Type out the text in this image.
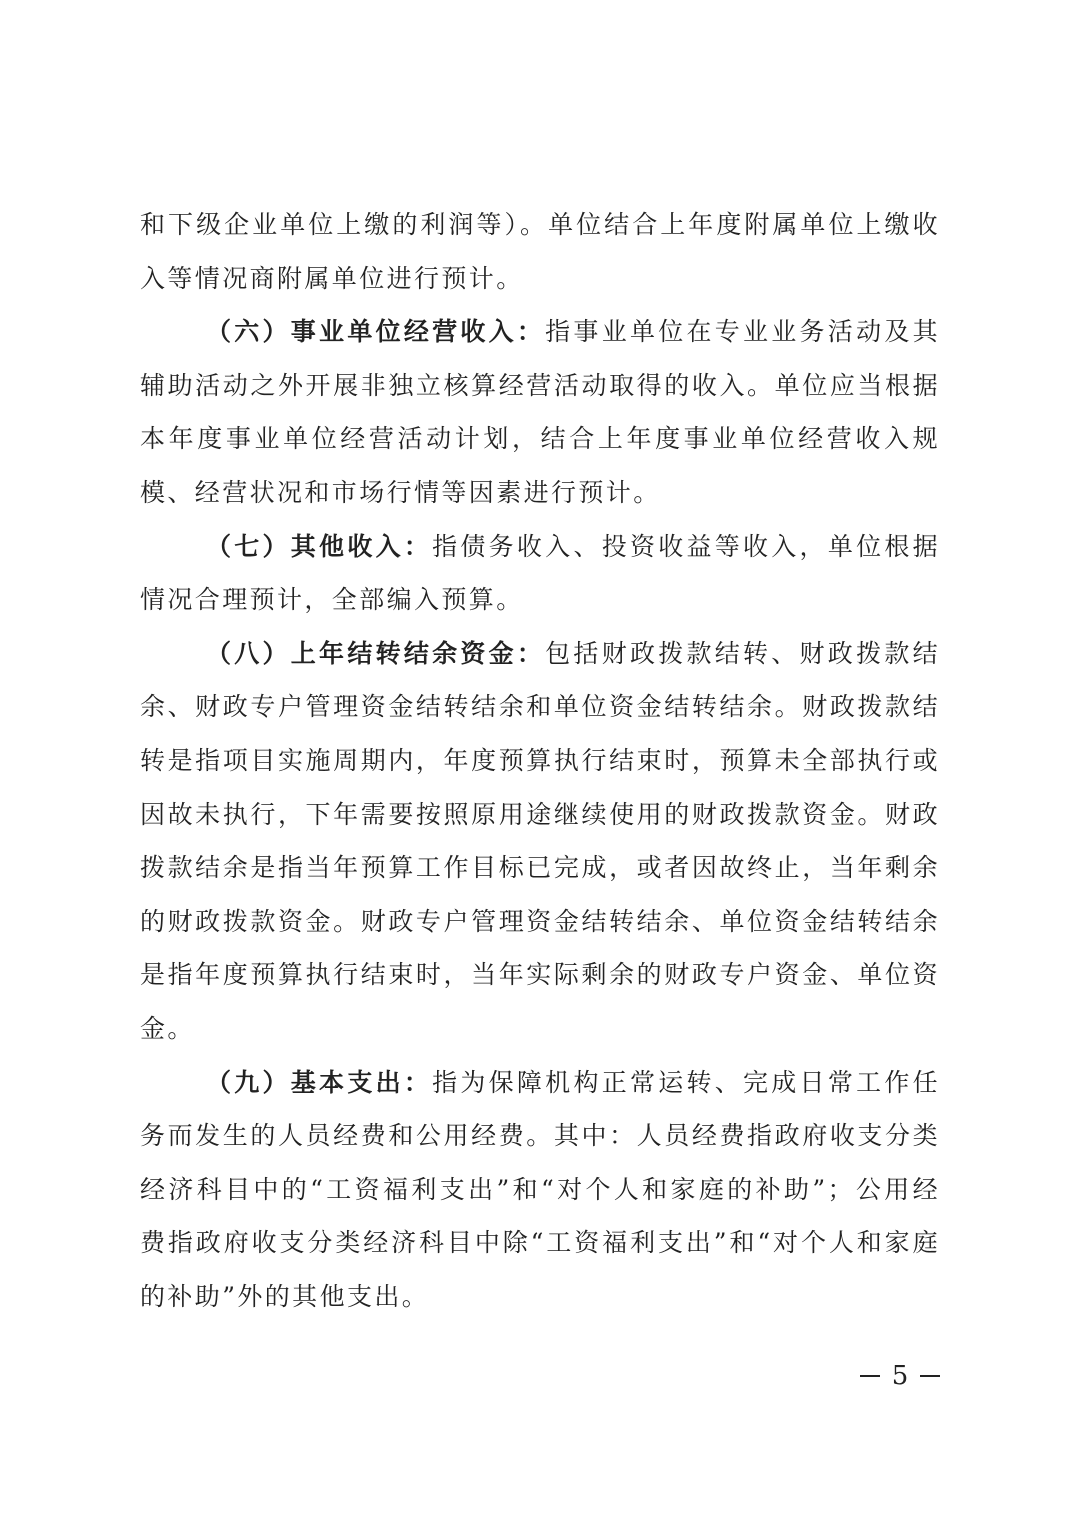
和下级企业单位上缴的利润等）。单位结合上年度附属单位上缴收入等情况商附属单位进行预计。

（六）事业单位经营收入：指事业单位在专业业务活动及其辅助活动之外开展非独立核算经营活动取得的收入。单位应当根据本年度事业单位经营活动计划，结合上年度事业单位经营收入规模、经营状况和市场行情等因素进行预计。

（七）其他收入：指债务收入、投资收益等收入，单位根据情况合理预计，全部编入预算。

（八）上年结转结余资金：包括财政拨款结转、财政拨款结余、财政专户管理资金结转结余和单位资金结转结余。财政拨款结转是指项目实施周期内，年度预算执行结束时，预算未全部执行或因故未执行，下年需要按照原用途继续使用的财政拨款资金。财政拨款结余是指当年预算工作目标已完成，或者因故终止，当年剩余的财政拨款资金。财政专户管理资金结转结余、单位资金结转结余是指年度预算执行结束时，当年实际剩余的财政专户资金、单位资金。

（九）基本支出：指为保障机构正常运转、完成日常工作任务而发生的人员经费和公用经费。其中：人员经费指政府收支分类经济科目中的“工资福利支出”和“对个人和家庭的补助”；公用经费指政府收支分类经济科目中除“工资福利支出”和“对个人和家庭的补助”外的其他支出。

5
